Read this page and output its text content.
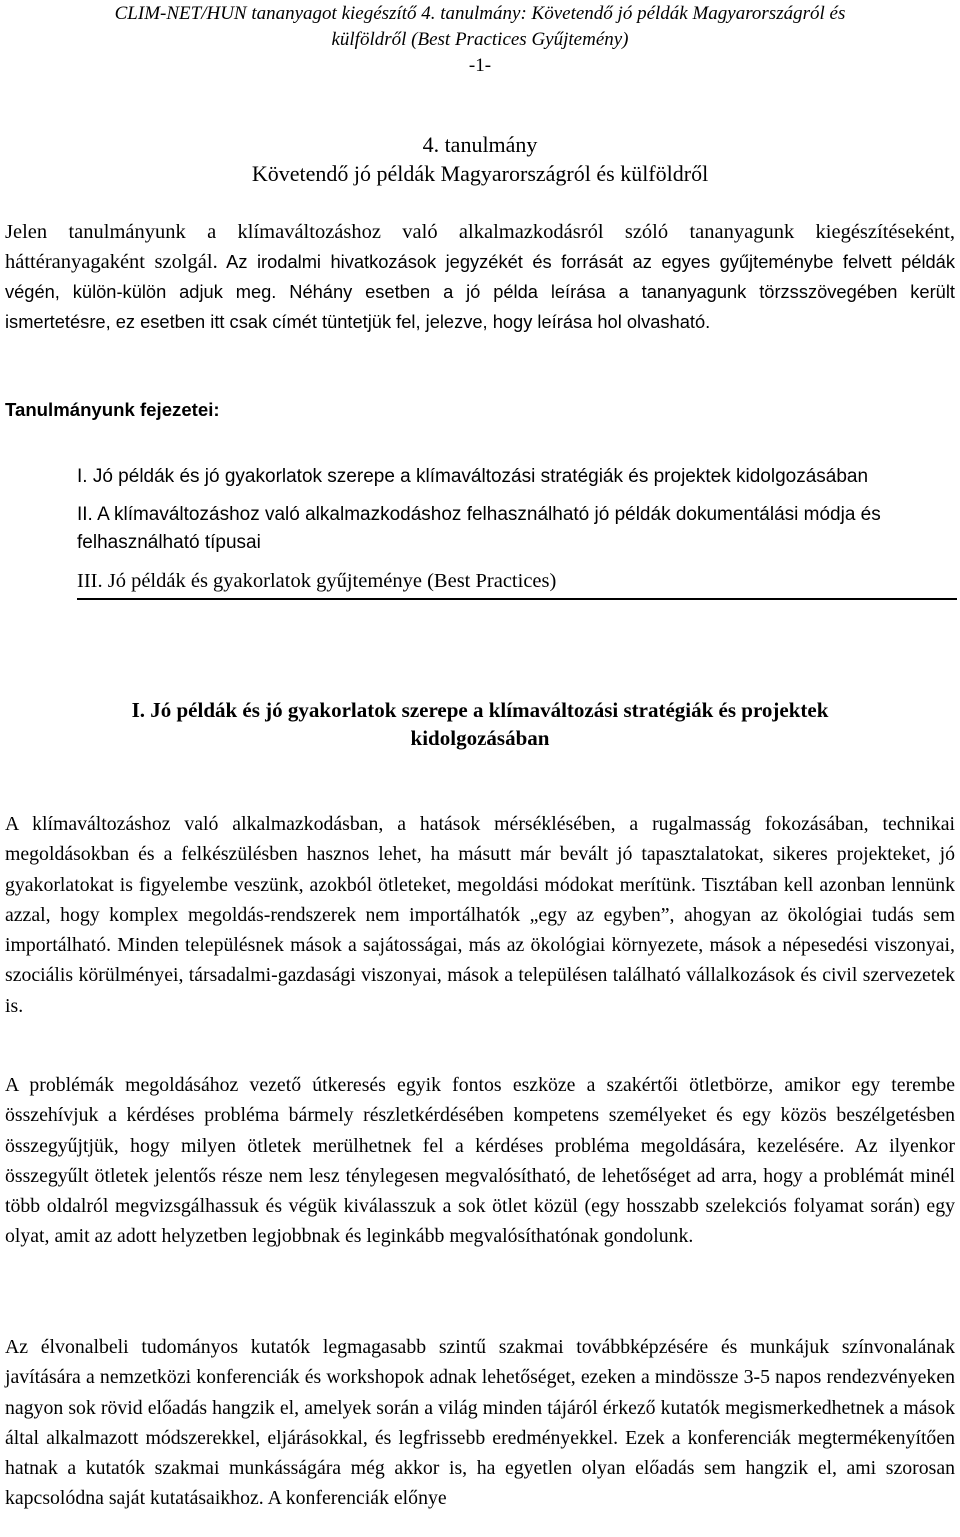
CLIM-NET/HUN tananyagot kiegészítő 4. tanulmány: Követendő jó példák Magyarországról és
külföldről (Best Practices Gyűjtemény)
-1-
4. tanulmány
Követendő jó példák Magyarországról és külföldről

Jelen tanulmányunk a klímaváltozáshoz való alkalmazkodásról szóló tananyagunk kiegészítéseként, háttéranyagaként szolgál. Az irodalmi hivatkozások jegyzékét és forrását az egyes gyűjteménybe felvett példák végén, külön-külön adjuk meg. Néhány esetben a jó példa leírása a tananyagunk törzsszövegében került ismertetésre, ez esetben itt csak címét tüntetjük fel, jelezve, hogy leírása hol olvasható.

Tanulmányunk fejezetei:

I. Jó példák és jó gyakorlatok szerepe a klímaváltozási stratégiák és projektek kidolgozásában
II. A klímaváltozáshoz való alkalmazkodáshoz felhasználható jó példák dokumentálási módja és felhasználható típusai
III. Jó példák és gyakorlatok gyűjteménye (Best Practices)
I. Jó példák és jó gyakorlatok szerepe a klímaváltozási stratégiák és projektek
kidolgozásában

A klímaváltozáshoz való alkalmazkodásban, a hatások mérséklésében, a rugalmasság fokozásában, technikai megoldásokban és a felkészülésben hasznos lehet, ha másutt már bevált jó tapasztalatokat, sikeres projekteket, jó gyakorlatokat is figyelembe veszünk, azokból ötleteket, megoldási módokat merítünk. Tisztában kell azonban lennünk azzal, hogy komplex megoldás-rendszerek nem importálhatók „egy az egyben”, ahogyan az ökológiai tudás sem importálható. Minden településnek mások a sajátosságai, más az ökológiai környezete, mások a népesedési viszonyai, szociális körülményei, társadalmi-gazdasági viszonyai, mások a településen található vállalkozások és civil szervezetek is.

A problémák megoldásához vezető útkeresés egyik fontos eszköze a szakértői ötletbörze, amikor egy terembe összehívjuk a kérdéses probléma bármely részletkérdésében kompetens személyeket és egy közös beszélgetésben összegyűjtjük, hogy milyen ötletek merülhetnek fel a kérdéses probléma megoldására, kezelésére. Az ilyenkor összegyűlt ötletek jelentős része nem lesz ténylegesen megvalósítható, de lehetőséget ad arra, hogy a problémát minél több oldalról megvizsgálhassuk és végük kiválasszuk a sok ötlet közül (egy hosszabb szelekciós folyamat során) egy olyat, amit az adott helyzetben legjobbnak és leginkább megvalósíthatónak gondolunk.

Az élvonalbeli tudományos kutatók legmagasabb szintű szakmai továbbképzésére és munkájuk színvonalának javítására a nemzetközi konferenciák és workshopok adnak lehetőséget, ezeken a mindössze 3-5 napos rendezvényeken nagyon sok rövid előadás hangzik el, amelyek során a világ minden tájáról érkező kutatók megismerkedhetnek a mások által alkalmazott módszerekkel, eljárásokkal, és legfrissebb eredményekkel. Ezek a konferenciák megtermékenyítően hatnak a kutatók szakmai munkásságára még akkor is, ha egyetlen olyan előadás sem hangzik el, ami szorosan kapcsolódna saját kutatásaikhoz. A konferenciák előnye
